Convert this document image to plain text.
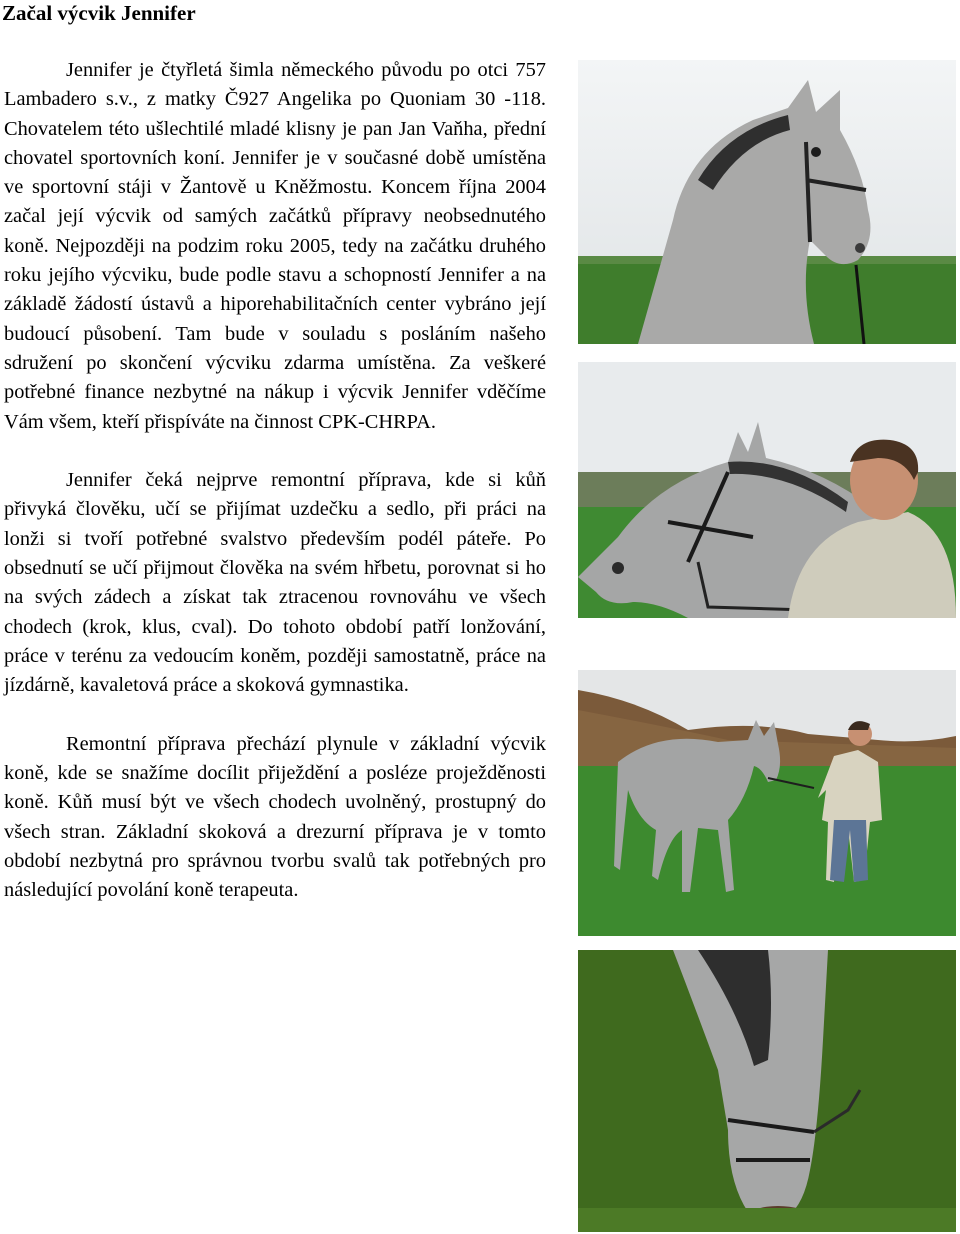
Začal výcvik Jennifer

Jennifer je čtyřletá šimla německého původu po otci 757 Lambadero s.v., z matky Č927 Angelika po Quoniam 30 -118. Chovatelem této ušlechtilé mladé klisny je pan Jan Vaňha, přední chovatel sportovních koní. Jennifer je v současné době umístěna ve sportovní stáji v Žantově u Kněžmostu. Koncem října 2004 začal její výcvik od samých začátků přípravy neobsednutého koně. Nejpozději na podzim roku 2005, tedy na začátku druhého roku jejího výcviku, bude podle stavu a schopností Jennifer a na základě žádostí ústavů a hiporehabilitačních center vybráno její budoucí působení. Tam bude v souladu s posláním našeho sdružení po skončení výcviku zdarma umístěna. Za veškeré potřebné finance nezbytné na nákup i výcvik Jennifer vděčíme Vám všem, kteří přispíváte na činnost CPK-CHRPA.

Jennifer čeká nejprve remontní příprava, kde si kůň přivyká člověku, učí se přijímat uzdečku a sedlo, při práci na lonži si tvoří potřebné svalstvo především podél páteře. Po obsednutí se učí přijmout člověka na svém hřbetu, porovnat si ho na svých zádech a získat tak ztracenou rovnováhu ve všech chodech (krok, klus, cval). Do tohoto období patří lonžování, práce v terénu za vedoucím koněm, později samostatně, práce na jízdárně, kavaletová práce a skoková gymnastika.

Remontní příprava přechází plynule v základní výcvik koně, kde se snažíme docílit přiježdění a posléze proježděnosti koně. Kůň musí být ve všech chodech uvolněný, prostupný do všech stran. Základní skoková a drezurní příprava je v tomto období nezbytná pro správnou tvorbu svalů tak potřebných pro následující povolání koně terapeuta.
